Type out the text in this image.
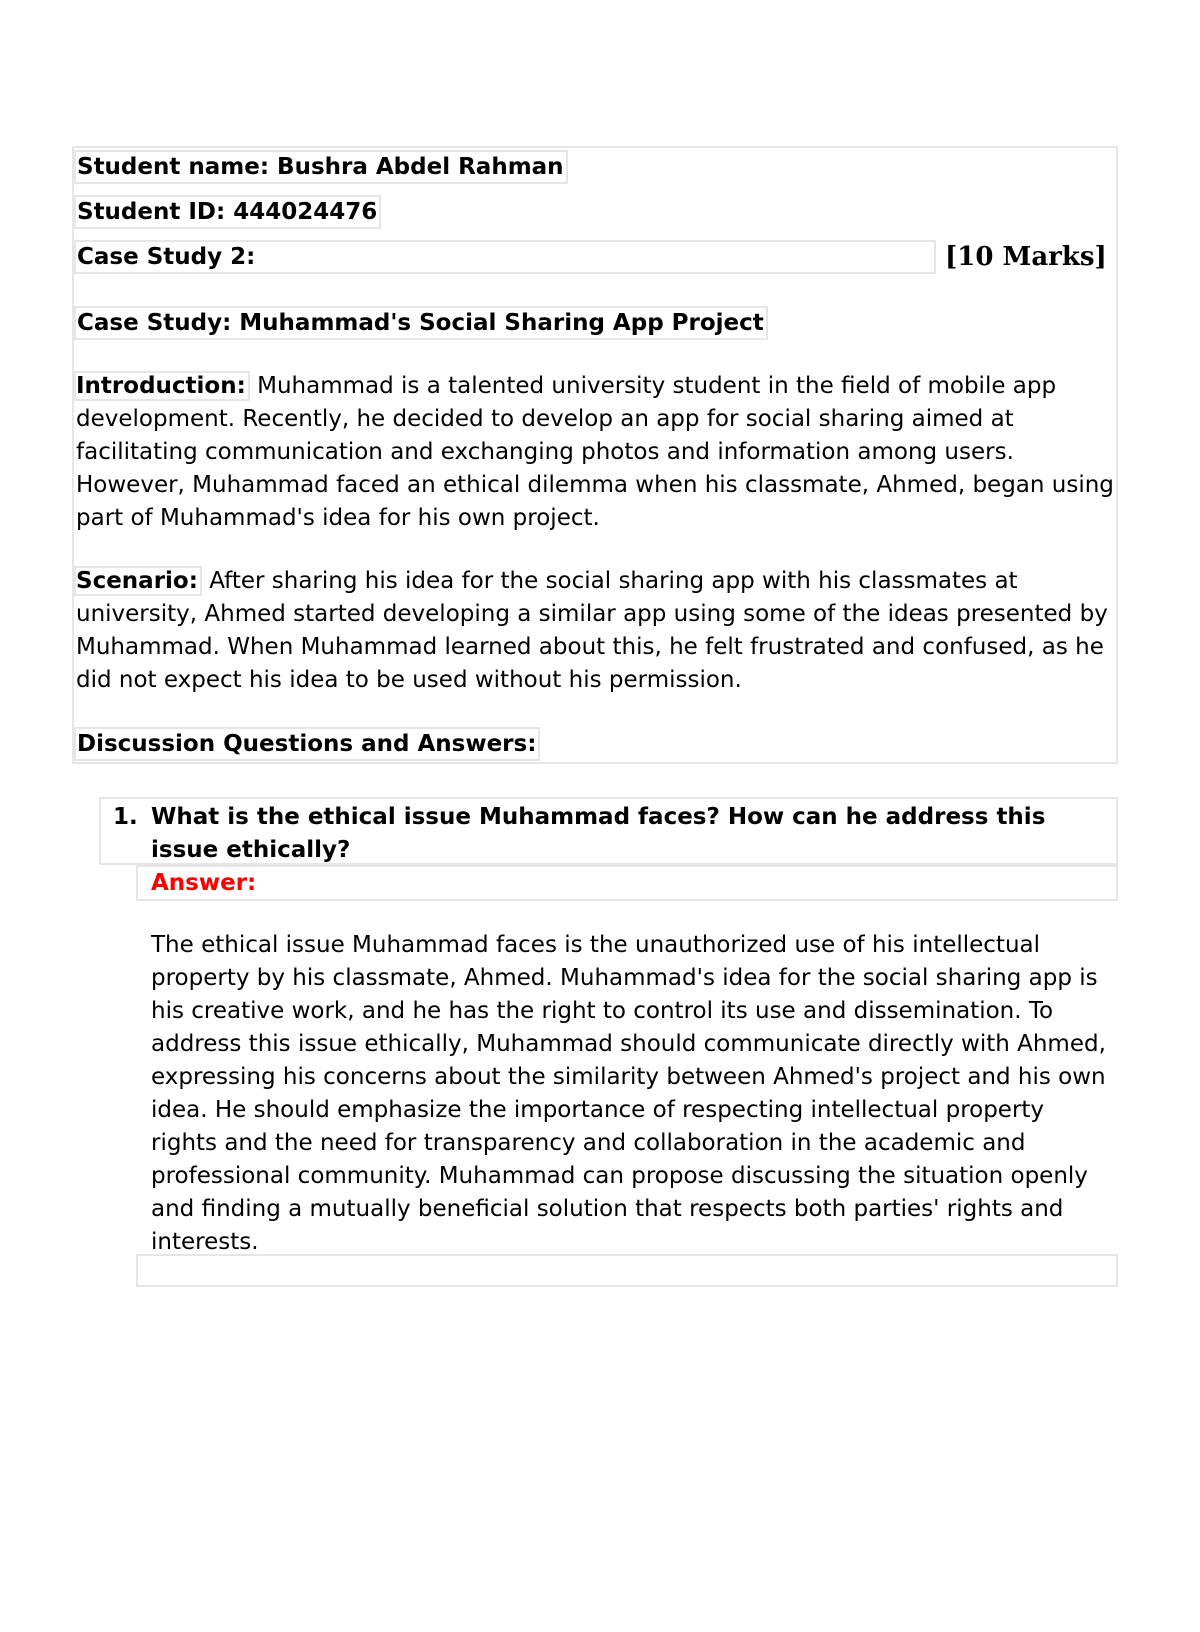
Student name: Bushra Abdel Rahman
Student ID: 444024476
Case Study 2:	[10 Marks]
Case Study: Muhammad's Social Sharing App Project
Introduction: Muhammad is a talented university student in the field of mobile app development. Recently, he decided to develop an app for social sharing aimed at facilitating communication and exchanging photos and information among users. However, Muhammad faced an ethical dilemma when his classmate, Ahmed, began using part of Muhammad's idea for his own project.
Scenario: After sharing his idea for the social sharing app with his classmates at university, Ahmed started developing a similar app using some of the ideas presented by Muhammad. When Muhammad learned about this, he felt frustrated and confused, as he did not expect his idea to be used without his permission.
Discussion Questions and Answers:
1. What is the ethical issue Muhammad faces? How can he address this issue ethically?
Answer:
The ethical issue Muhammad faces is the unauthorized use of his intellectual property by his classmate, Ahmed. Muhammad's idea for the social sharing app is his creative work, and he has the right to control its use and dissemination. To address this issue ethically, Muhammad should communicate directly with Ahmed, expressing his concerns about the similarity between Ahmed's project and his own idea. He should emphasize the importance of respecting intellectual property rights and the need for transparency and collaboration in the academic and professional community. Muhammad can propose discussing the situation openly and finding a mutually beneficial solution that respects both parties' rights and interests.
